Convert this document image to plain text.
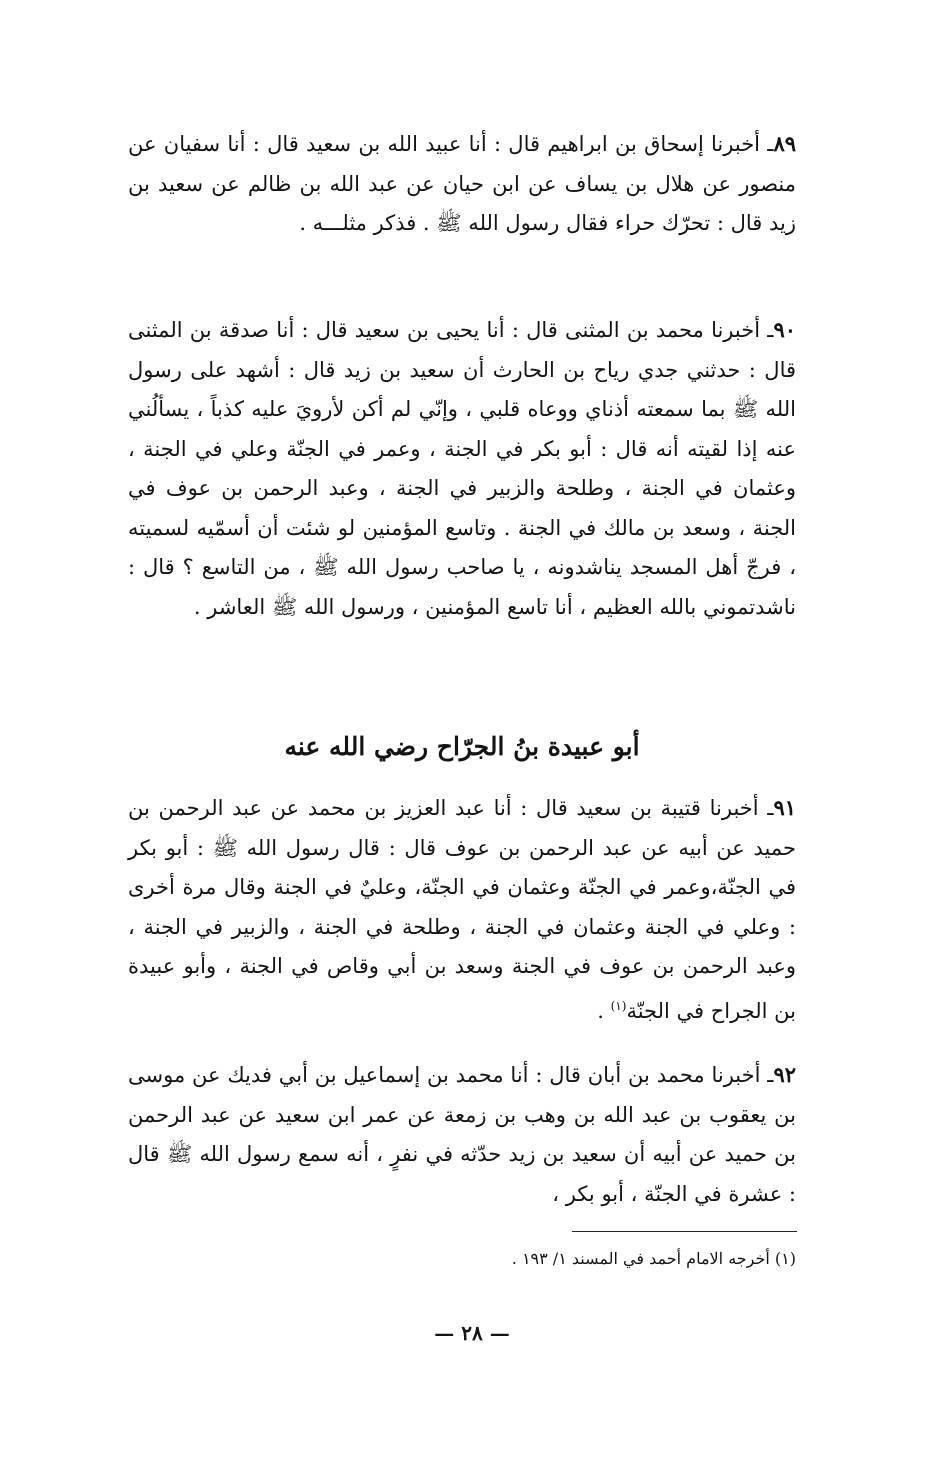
٨٩ـ أخبرنا إسحاق بن ابراهيم قال : أنا عبيد الله بن سعيد قال : أنا سفيان عن منصور عن هلال بن يساف عن ابن حيان عن عبد الله بن ظالم عن سعيد بن زيد قال : تحرّك حراء فقال رسول الله ﷺ . فذكر مثلـــه .

٩٠ـ أخبرنا محمد بن المثنى قال : أنا يحيى بن سعيد قال : أنا صدقة بن المثنى قال : حدثني جدي رياح بن الحارث أن سعيد بن زيد قال : أشهد على رسول الله ﷺ بما سمعته أذناي ووعاه قلبي ، وإنّي لم أكن لأرويَ عليه كذباً ، يسألُني عنه إذا لقيته أنه قال : أبو بكر في الجنة ، وعمر في الجنّة وعلي في الجنة ، وعثمان في الجنة ، وطلحة والزبير في الجنة ، وعبد الرحمن بن عوف في الجنة ، وسعد بن مالك في الجنة . وتاسع المؤمنين لو شئت أن أسمّيه لسميته ، فرجّ أهل المسجد يناشدونه ، يا صاحب رسول الله ﷺ ، من التاسع ؟ قال : ناشدتموني بالله العظيم ، أنا تاسع المؤمنين ، ورسول الله ﷺ العاشر .

أبو عبيدة بنُ الجرّاح رضي الله عنه

٩١ـ أخبرنا قتيبة بن سعيد قال : أنا عبد العزيز بن محمد عن عبد الرحمن بن حميد عن أبيه عن عبد الرحمن بن عوف قال : قال رسول الله ﷺ : أبو بكر في الجنّة،وعمر في الجنّة وعثمان في الجنّة، وعليٌ في الجنة وقال مرة أخرى : وعلي في الجنة وعثمان في الجنة ، وطلحة في الجنة ، والزبير في الجنة ، وعبد الرحمن بن عوف في الجنة وسعد بن أبي وقاص في الجنة ، وأبو عبيدة بن الجراح في الجنّة$^{(١)}$ .

٩٢ـ أخبرنا محمد بن أبان قال : أنا محمد بن إسماعيل بن أبي فديك عن موسى بن يعقوب بن عبد الله بن وهب بن زمعة عن عمر ابن سعيد عن عبد الرحمن بن حميد عن أبيه أن سعيد بن زيد حدّثه في نفرٍ ، أنه سمع رسول الله ﷺ قال : عشرة في الجنّة ، أبو بكر ،

(١) أخرجه الامام أحمد في المسند ١/ ١٩٣ .
— ٢٨ —
